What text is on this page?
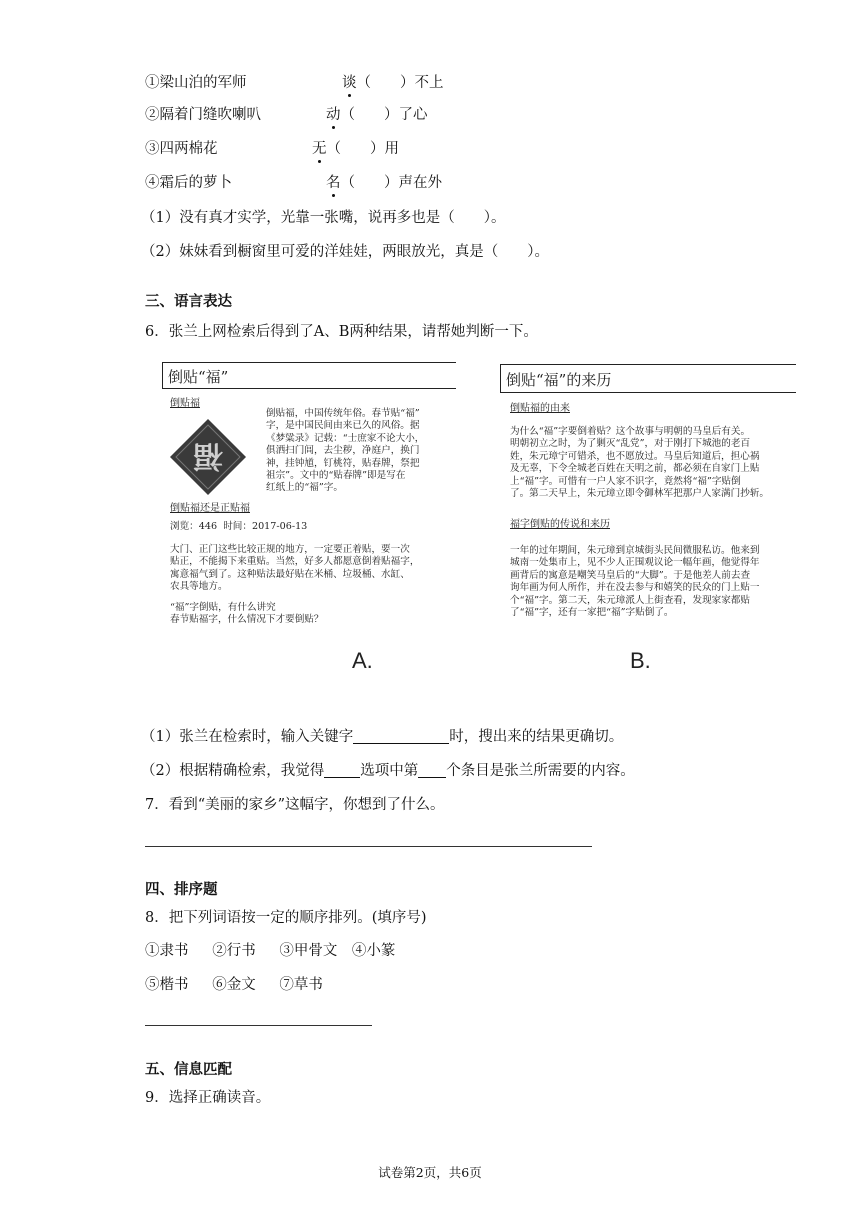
①梁山泊的军师	谈（　　）不上
②隔着门缝吹喇叭	动（　　）了心
③四两棉花	无（　　）用
④霜后的萝卜	名（　　）声在外
（1）没有真才实学，光靠一张嘴，说再多也是（　　）。
（2）妹妹看到橱窗里可爱的洋娃娃，两眼放光，真是（　　）。
三、语言表达
6．张兰上网检索后得到了A、B两种结果，请帮她判断一下。
倒贴“福”
倒贴福
福
倒贴福，中国传统年俗。春节贴“福”
字，是中国民间由来已久的风俗。据
《梦粱录》记载：“士庶家不论大小，
俱洒扫门闾，去尘秽，净庭户，换门
神，挂钟馗，钉桃符，贴春牌，祭把
祖宗”。文中的“贴春牌”即是写在
红纸上的“福”字。
倒贴福还是正贴福
浏览：446  时间：2017-06-13
大门、正门这些比较正规的地方，一定要正着贴，要一次
贴正，不能揭下来重贴。当然，好多人都愿意倒着贴福字，
寓意福气到了。这种贴法最好贴在米桶、垃圾桶、水缸、
农具等地方。
“福”字倒贴，有什么讲究
春节贴福字，什么情况下才要倒贴？
A.
倒贴“福”的来历
倒贴福的由来
为什么“福”字要倒着贴？这个故事与明朝的马皇后有关。
明朝初立之时，为了剿灭“乱党”，对于刚打下城池的老百
姓，朱元璋宁可错杀，也不愿放过。马皇后知道后，担心祸
及无辜，下令全城老百姓在天明之前，都必须在自家门上贴
上“福”字。可惜有一户人家不识字，竟然将“福”字贴倒
了。第二天早上，朱元璋立即令御林军把那户人家满门抄斩。
福字倒贴的传说和来历
一年的过年期间，朱元璋到京城街头民间微服私访。他来到
城南一处集市上，见不少人正围观议论一幅年画，他觉得年
画背后的寓意是嘲笑马皇后的“大脚”。于是他差人前去查
询年画为何人所作，并在没去参与和嬉笑的民众的门上贴一
个“福”字。第二天，朱元璋派人上街查看，发现家家都贴
了“福”字，还有一家把“福”字贴倒了。
B.
（1）张兰在检索时，输入关键字	时，搜出来的结果更确切。
（2）根据精确检索，我觉得 选项中第 个条目是张兰所需要的内容。
7．看到“美丽的家乡”这幅字，你想到了什么。
四、排序题
8．把下列词语按一定的顺序排列。(填序号)
①隶书　  ②行书　  ③甲骨文　④小篆
⑤楷书　  ⑥金文　  ⑦草书
五、信息匹配
9．选择正确读音。
试卷第2页，共6页
